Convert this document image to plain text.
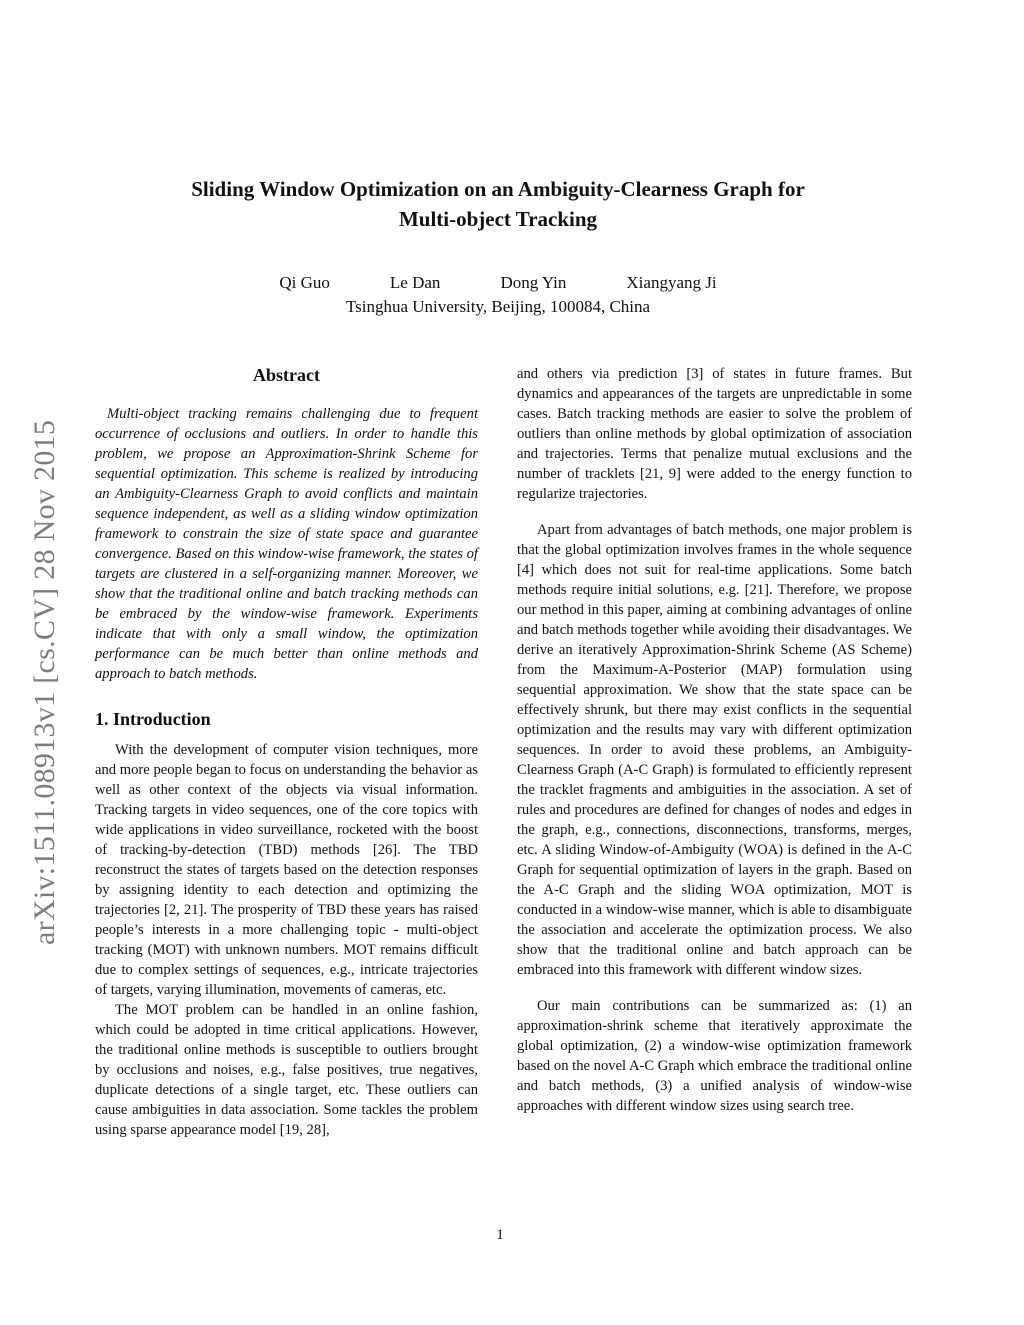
arXiv:1511.08913v1 [cs.CV] 28 Nov 2015
Sliding Window Optimization on an Ambiguity-Clearness Graph for
Multi-object Tracking
Qi Guo	Le Dan	Dong Yin	Xiangyang Ji
Tsinghua University, Beijing, 100084, China
Abstract

Multi-object tracking remains challenging due to frequent occurrence of occlusions and outliers. In order to handle this problem, we propose an Approximation-Shrink Scheme for sequential optimization. This scheme is realized by introducing an Ambiguity-Clearness Graph to avoid conflicts and maintain sequence independent, as well as a sliding window optimization framework to constrain the size of state space and guarantee convergence. Based on this window-wise framework, the states of targets are clustered in a self-organizing manner. Moreover, we show that the traditional online and batch tracking methods can be embraced by the window-wise framework. Experiments indicate that with only a small window, the optimization performance can be much better than online methods and approach to batch methods.

1. Introduction

With the development of computer vision techniques, more and more people began to focus on understanding the behavior as well as other context of the objects via visual information. Tracking targets in video sequences, one of the core topics with wide applications in video surveillance, rocketed with the boost of tracking-by-detection (TBD) methods [26]. The TBD reconstruct the states of targets based on the detection responses by assigning identity to each detection and optimizing the trajectories [2, 21]. The prosperity of TBD these years has raised people’s interests in a more challenging topic - multi-object tracking (MOT) with unknown numbers. MOT remains difficult due to complex settings of sequences, e.g., intricate trajectories of targets, varying illumination, movements of cameras, etc.

The MOT problem can be handled in an online fashion, which could be adopted in time critical applications. However, the traditional online methods is susceptible to outliers brought by occlusions and noises, e.g., false positives, true negatives, duplicate detections of a single target, etc. These outliers can cause ambiguities in data association. Some tackles the problem using sparse appearance model [19, 28],

and others via prediction [3] of states in future frames. But dynamics and appearances of the targets are unpredictable in some cases. Batch tracking methods are easier to solve the problem of outliers than online methods by global optimization of association and trajectories. Terms that penalize mutual exclusions and the number of tracklets [21, 9] were added to the energy function to regularize trajectories.

Apart from advantages of batch methods, one major problem is that the global optimization involves frames in the whole sequence [4] which does not suit for real-time applications. Some batch methods require initial solutions, e.g. [21]. Therefore, we propose our method in this paper, aiming at combining advantages of online and batch methods together while avoiding their disadvantages. We derive an iteratively Approximation-Shrink Scheme (AS Scheme) from the Maximum-A-Posterior (MAP) formulation using sequential approximation. We show that the state space can be effectively shrunk, but there may exist conflicts in the sequential optimization and the results may vary with different optimization sequences. In order to avoid these problems, an Ambiguity-Clearness Graph (A-C Graph) is formulated to efficiently represent the tracklet fragments and ambiguities in the association. A set of rules and procedures are defined for changes of nodes and edges in the graph, e.g., connections, disconnections, transforms, merges, etc. A sliding Window-of-Ambiguity (WOA) is defined in the A-C Graph for sequential optimization of layers in the graph. Based on the A-C Graph and the sliding WOA optimization, MOT is conducted in a window-wise manner, which is able to disambiguate the association and accelerate the optimization process. We also show that the traditional online and batch approach can be embraced into this framework with different window sizes.

Our main contributions can be summarized as: (1) an approximation-shrink scheme that iteratively approximate the global optimization, (2) a window-wise optimization framework based on the novel A-C Graph which embrace the traditional online and batch methods, (3) a unified analysis of window-wise approaches with different window sizes using search tree.

1
